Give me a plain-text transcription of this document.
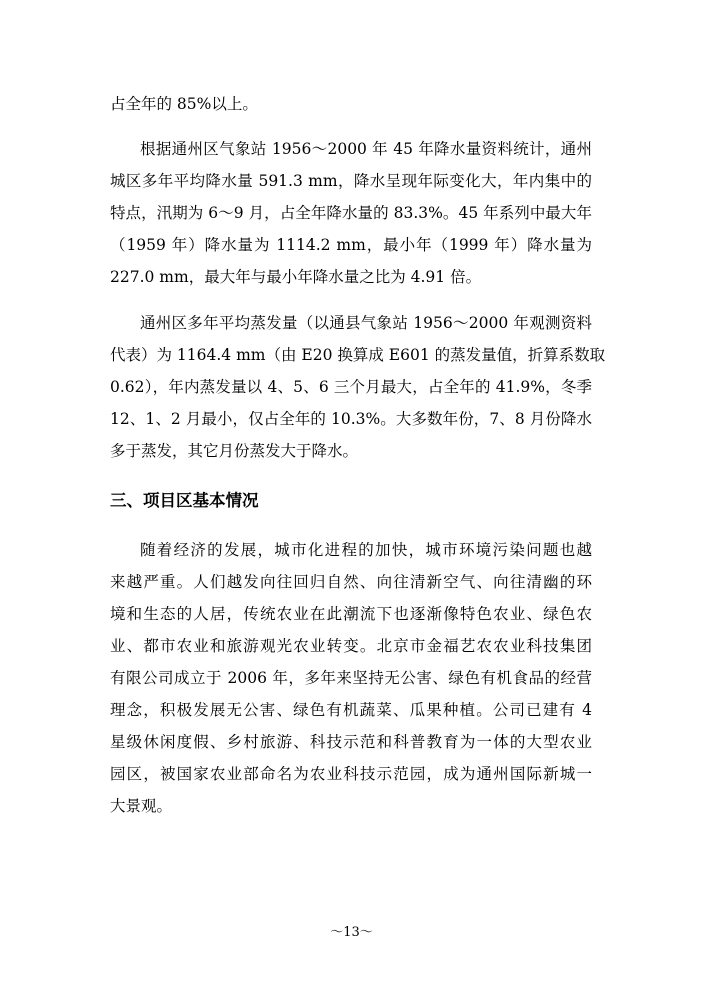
占全年的 85%以上。
根据通州区气象站 1956～2000 年 45 年降水量资料统计，通州
城区多年平均降水量 591.3 mm，降水呈现年际变化大，年内集中的
特点，汛期为 6～9 月，占全年降水量的 83.3%。45 年系列中最大年
（1959 年）降水量为 1114.2 mm，最小年（1999 年）降水量为
227.0 mm，最大年与最小年降水量之比为 4.91 倍。
通州区多年平均蒸发量（以通县气象站 1956～2000 年观测资料
代表）为 1164.4 mm（由 E20 换算成 E601 的蒸发量值，折算系数取
0.62），年内蒸发量以 4、5、6 三个月最大，占全年的 41.9%，冬季
12、1、2 月最小，仅占全年的 10.3%。大多数年份，7、8 月份降水
多于蒸发，其它月份蒸发大于降水。
三、项目区基本情况
随着经济的发展，城市化进程的加快，城市环境污染问题也越
来越严重。人们越发向往回归自然、向往清新空气、向往清幽的环
境和生态的人居，传统农业在此潮流下也逐渐像特色农业、绿色农
业、都市农业和旅游观光农业转变。北京市金福艺农农业科技集团
有限公司成立于 2006 年，多年来坚持无公害、绿色有机食品的经营
理念，积极发展无公害、绿色有机蔬菜、瓜果种植。公司已建有 4
星级休闲度假、乡村旅游、科技示范和科普教育为一体的大型农业
园区，被国家农业部命名为农业科技示范园，成为通州国际新城一
大景观。
～13～
